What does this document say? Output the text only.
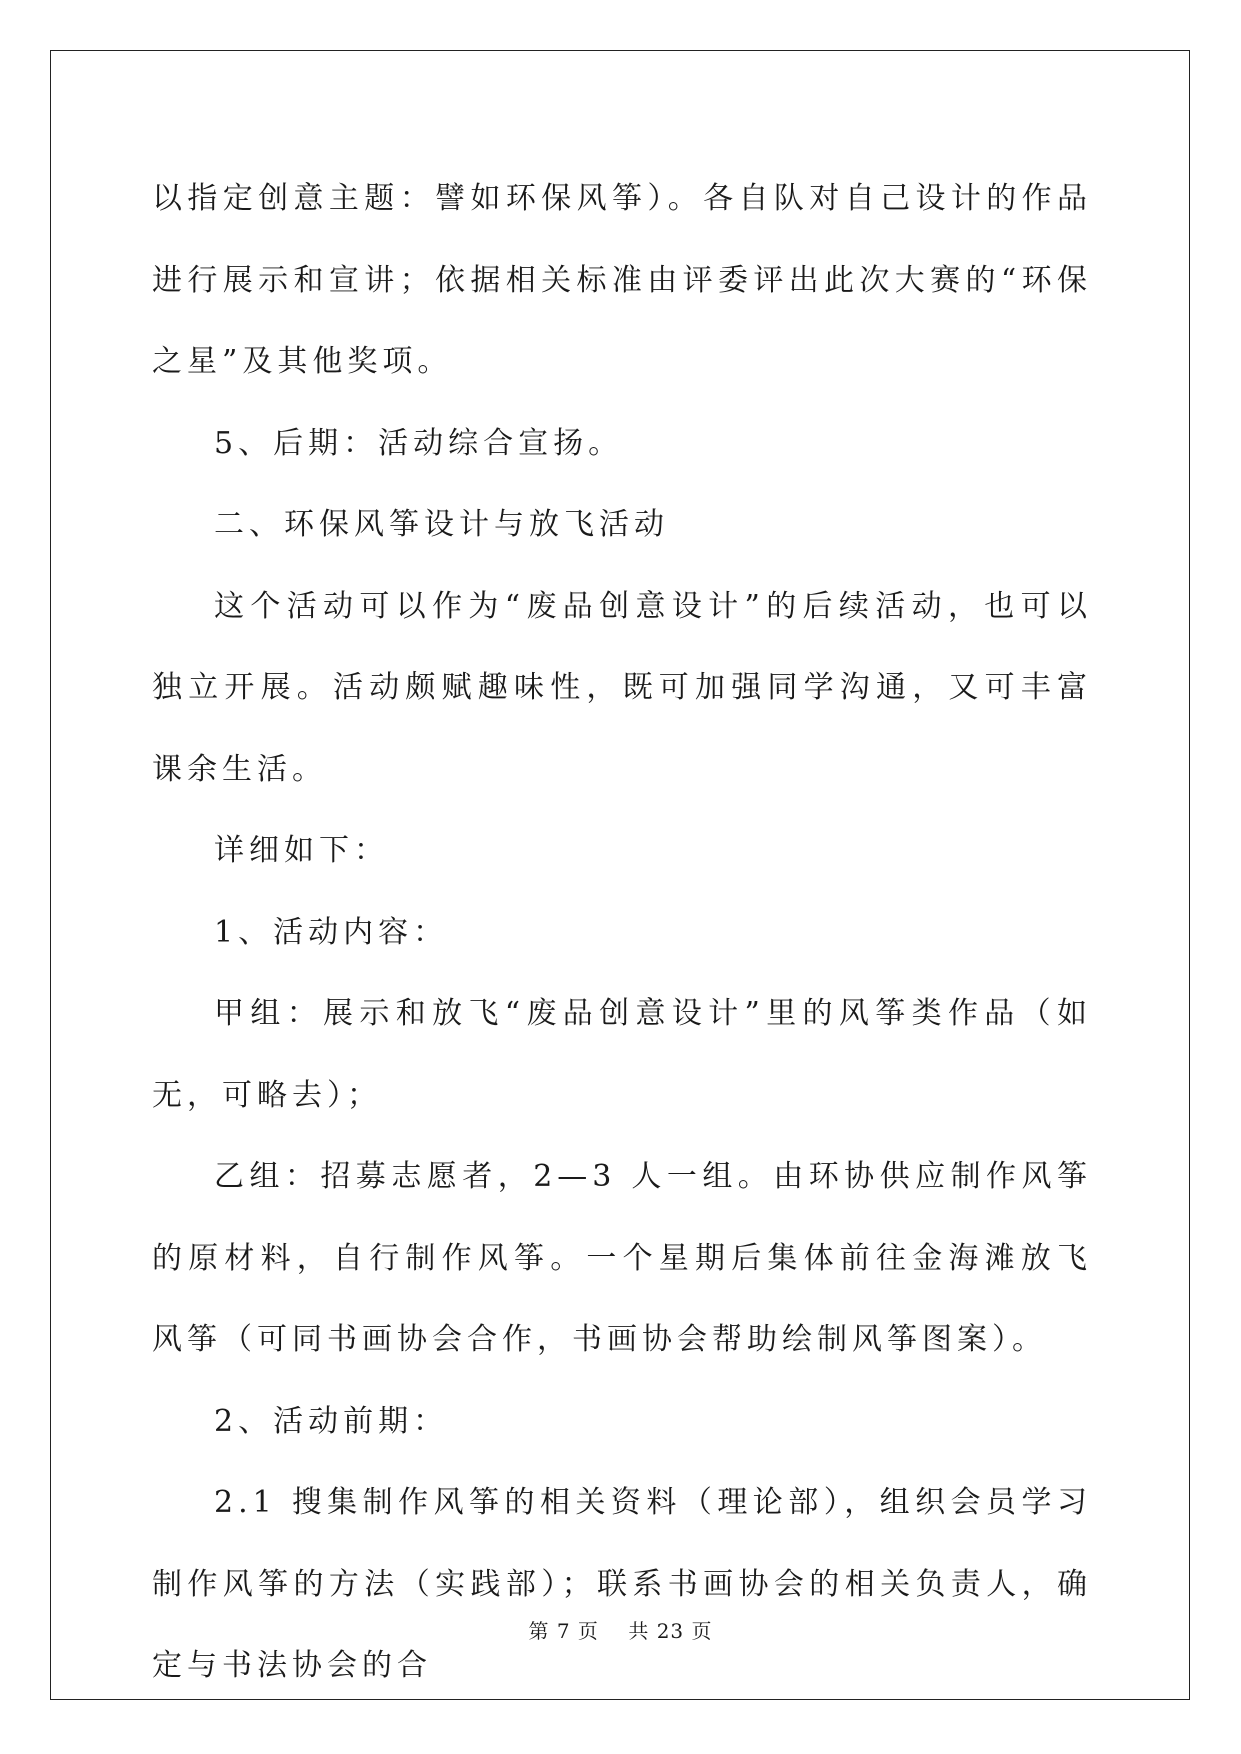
以指定创意主题：譬如环保风筝）。各自队对自己设计的作品进行展示和宣讲；依据相关标准由评委评出此次大赛的“环保之星”及其他奖项。

5、后期：活动综合宣扬。

二、环保风筝设计与放飞活动

这个活动可以作为“废品创意设计”的后续活动，也可以独立开展。活动颇赋趣味性，既可加强同学沟通，又可丰富课余生活。

详细如下：

1、活动内容：

甲组：展示和放飞“废品创意设计”里的风筝类作品（如无，可略去）；

乙组：招募志愿者，2—3 人一组。由环协供应制作风筝的原材料，自行制作风筝。一个星期后集体前往金海滩放飞风筝（可同书画协会合作，书画协会帮助绘制风筝图案）。

2、活动前期：

2.1 搜集制作风筝的相关资料（理论部），组织会员学习制作风筝的方法（实践部）；联系书画协会的相关负责人，确定与书法协会的合

第 7 页    共 23 页
